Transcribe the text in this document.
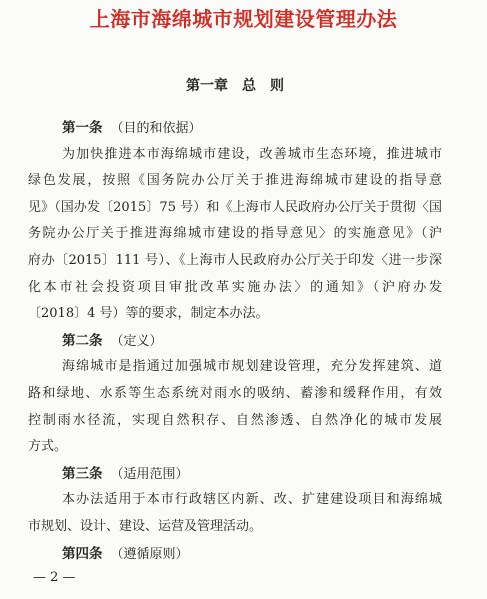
上海市海绵城市规划建设管理办法
第一章　总　则
第一条 （目的和依据）
为加快推进本市海绵城市建设，改善城市生态环境，推进城市
绿色发展，按照《国务院办公厅关于推进海绵城市建设的指导意
见》（国办发〔2015〕75 号）和《上海市人民政府办公厅关于贯彻〈国
务院办公厅关于推进海绵城市建设的指导意见〉的实施意见》（沪
府办〔2015〕111 号）、《上海市人民政府办公厅关于印发〈进一步深
化本市社会投资项目审批改革实施办法〉的通知》（沪府办发
〔2018〕4 号）等的要求，制定本办法。
第二条 （定义）
海绵城市是指通过加强城市规划建设管理，充分发挥建筑、道
路和绿地、水系等生态系统对雨水的吸纳、蓄渗和缓释作用，有效
控制雨水径流，实现自然积存、自然渗透、自然净化的城市发展
方式。
第三条 （适用范围）
本办法适用于本市行政辖区内新、改、扩建建设项目和海绵城
市规划、设计、建设、运营及管理活动。
第四条 （遵循原则）
— 2 —
